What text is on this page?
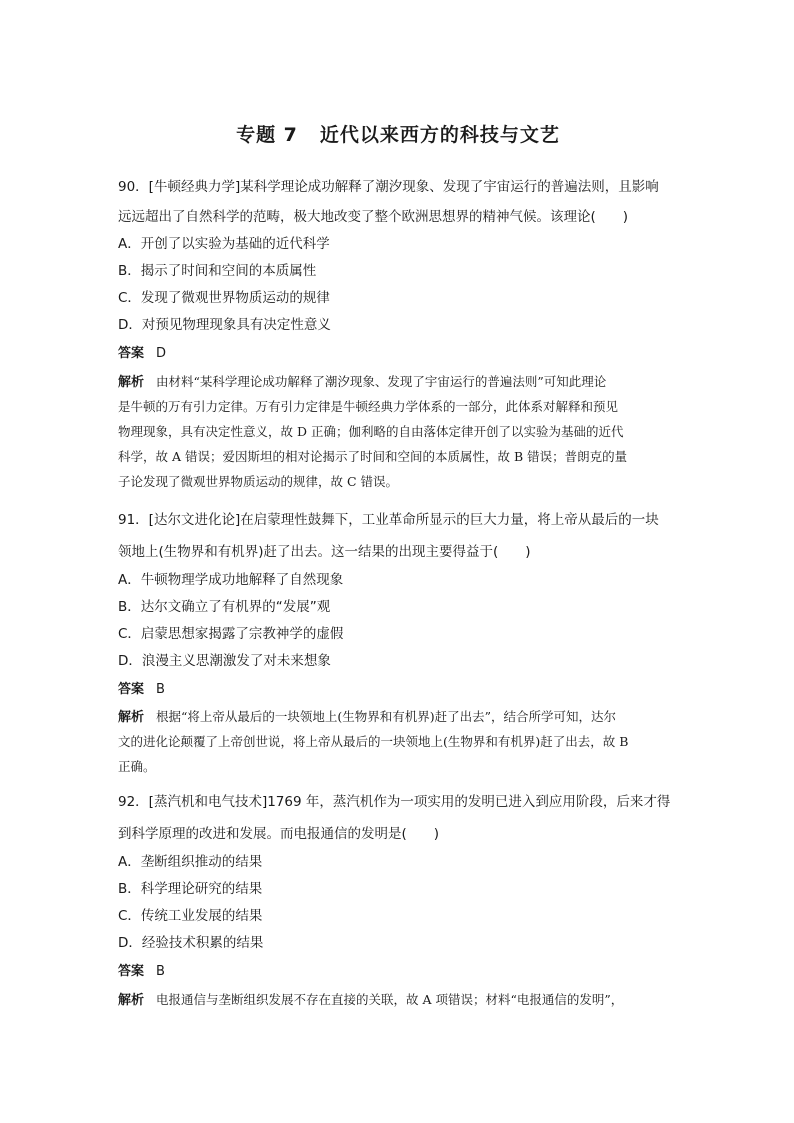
专题 7 近代以来西方的科技与文艺
90．[牛顿经典力学]某科学理论成功解释了潮汐现象、发现了宇宙运行的普遍法则，且影响
远远超出了自然科学的范畴，极大地改变了整个欧洲思想界的精神气候。该理论(　　)
A．开创了以实验为基础的近代科学
B．揭示了时间和空间的本质属性
C．发现了微观世界物质运动的规律
D．对预见物理现象具有决定性意义
答案 D
解析 由材料“某科学理论成功解释了潮汐现象、发现了宇宙运行的普遍法则”可知此理论
是牛顿的万有引力定律。万有引力定律是牛顿经典力学体系的一部分，此体系对解释和预见
物理现象，具有决定性意义，故 D 正确；伽利略的自由落体定律开创了以实验为基础的近代
科学，故 A 错误；爱因斯坦的相对论揭示了时间和空间的本质属性，故 B 错误；普朗克的量
子论发现了微观世界物质运动的规律，故 C 错误。
91．[达尔文进化论]在启蒙理性鼓舞下，工业革命所显示的巨大力量，将上帝从最后的一块
领地上(生物界和有机界)赶了出去。这一结果的出现主要得益于(　　)
A．牛顿物理学成功地解释了自然现象
B．达尔文确立了有机界的“发展”观
C．启蒙思想家揭露了宗教神学的虚假
D．浪漫主义思潮激发了对未来想象
答案 B
解析 根据“将上帝从最后的一块领地上(生物界和有机界)赶了出去”，结合所学可知，达尔
文的进化论颠覆了上帝创世说，将上帝从最后的一块领地上(生物界和有机界)赶了出去，故 B
正确。
92．[蒸汽机和电气技术]1769 年，蒸汽机作为一项实用的发明已进入到应用阶段，后来才得
到科学原理的改进和发展。而电报通信的发明是(　　)
A．垄断组织推动的结果
B．科学理论研究的结果
C．传统工业发展的结果
D．经验技术积累的结果
答案 B
解析 电报通信与垄断组织发展不存在直接的关联，故 A 项错误；材料“电报通信的发明”，
